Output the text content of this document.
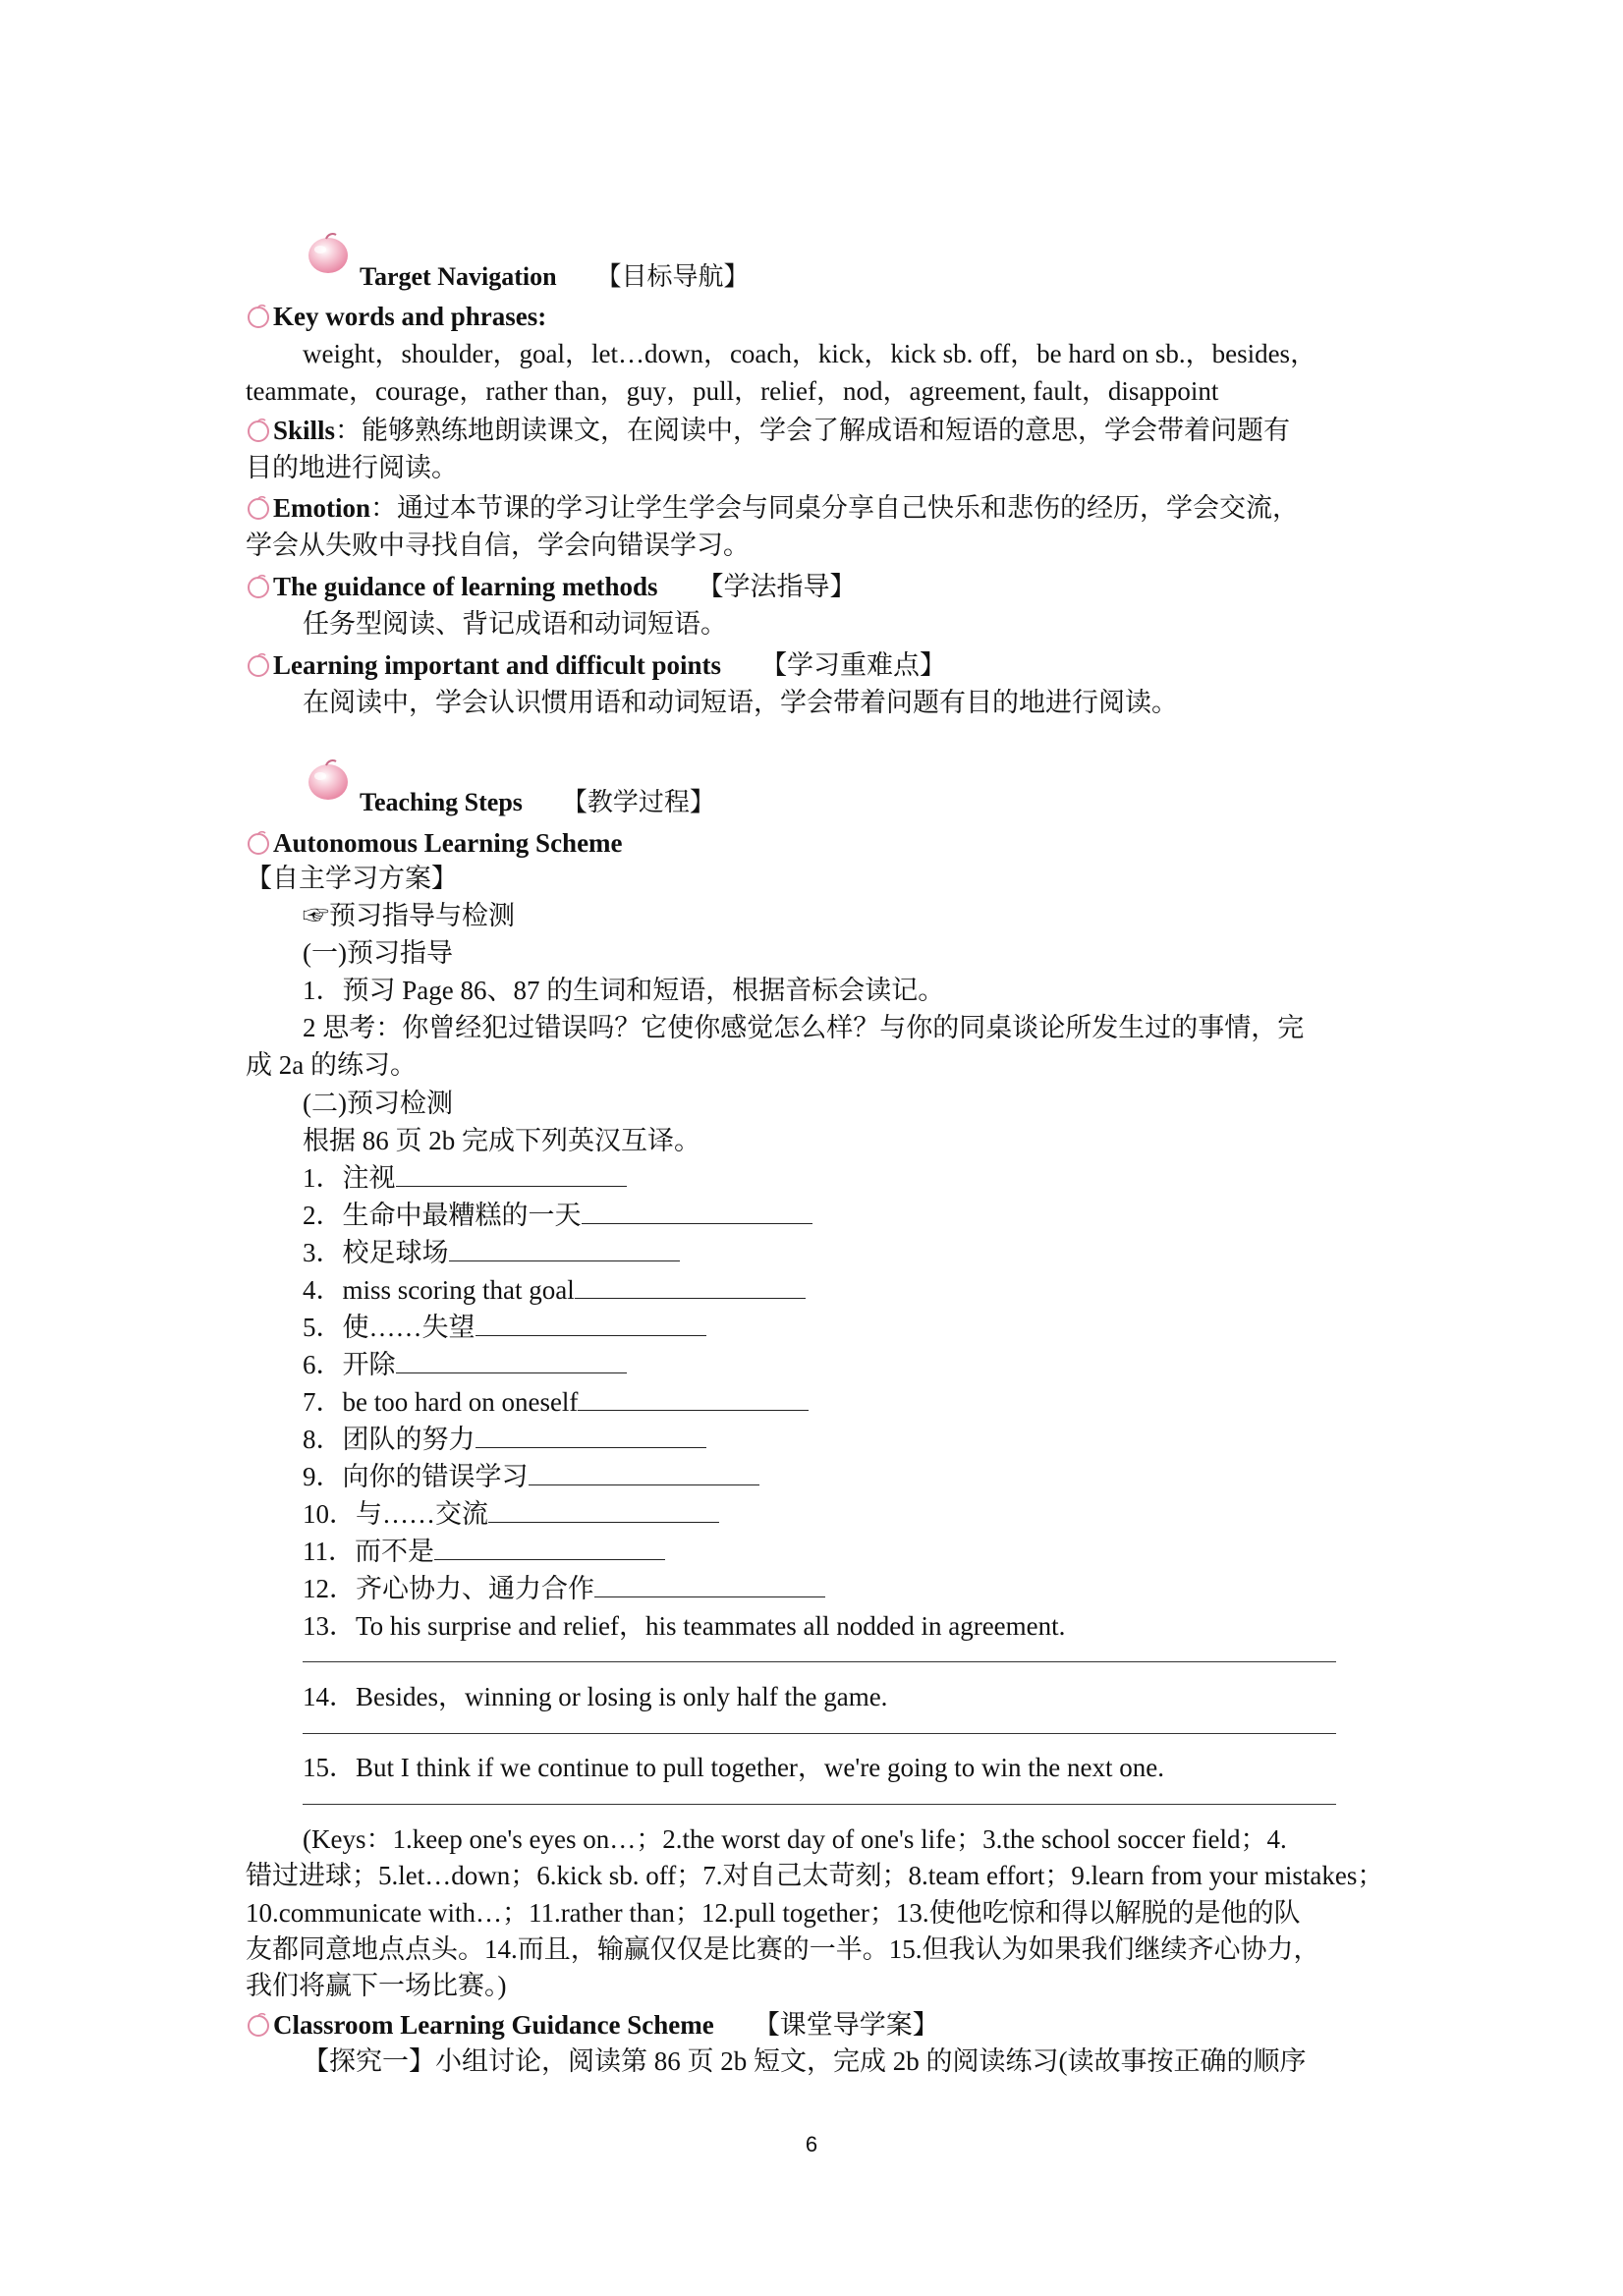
Target Navigation 【目标导航】
Key words and phrases:
weight，shoulder，goal，let…down，coach，kick，kick sb. off，be hard on sb.，besides，
teammate，courage，rather than，guy，pull，relief，nod，agreement, fault，disappoint
Skills：能够熟练地朗读课文，在阅读中，学会了解成语和短语的意思，学会带着问题有
目的地进行阅读。
Emotion：通过本节课的学习让学生学会与同桌分享自己快乐和悲伤的经历，学会交流，
学会从失败中寻找自信，学会向错误学习。
The guidance of learning methods 【学法指导】
任务型阅读、背记成语和动词短语。
Learning important and difficult points 【学习重难点】
在阅读中，学会认识惯用语和动词短语，学会带着问题有目的地进行阅读。
Teaching Steps 【教学过程】
Autonomous Learning Scheme
【自主学习方案】
☞预习指导与检测
(一)预习指导
1．预习 Page 86、87 的生词和短语，根据音标会读记。
2 思考：你曾经犯过错误吗？它使你感觉怎么样？与你的同桌谈论所发生过的事情，完
成 2a 的练习。
(二)预习检测
根据 86 页 2b 完成下列英汉互译。
1．注视
2．生命中最糟糕的一天
3．校足球场
4．miss scoring that goal
5．使……失望
6．开除
7．be too hard on oneself
8．团队的努力
9．向你的错误学习
10．与……交流
11．而不是
12．齐心协力、通力合作
13．To his surprise and relief，his teammates all nodded in agreement.
14．Besides，winning or losing is only half the game.
15．But I think if we continue to pull together，we're going to win the next one.
(Keys：1.keep one's eyes on…；2.the worst day of one's life；3.the school soccer field；4.
错过进球；5.let…down；6.kick sb. off；7.对自己太苛刻；8.team effort；9.learn from your mistakes；
10.communicate with…；11.rather than；12.pull together；13.使他吃惊和得以解脱的是他的队
友都同意地点点头。14.而且，输赢仅仅是比赛的一半。15.但我认为如果我们继续齐心协力，
我们将赢下一场比赛。)
Classroom Learning Guidance Scheme 【课堂导学案】
【探究一】小组讨论，阅读第 86 页 2b 短文，完成 2b 的阅读练习(读故事按正确的顺序
6
